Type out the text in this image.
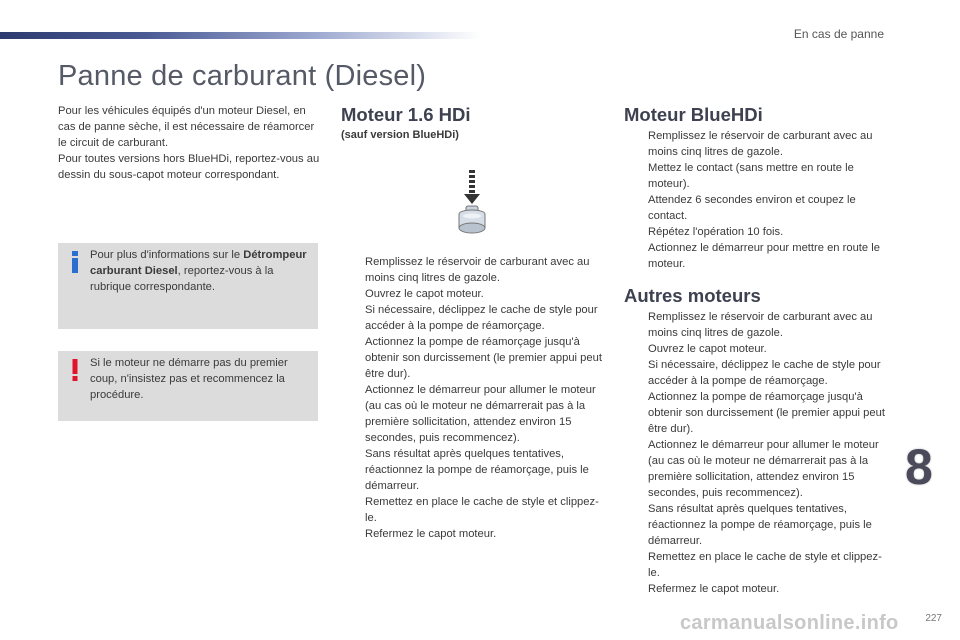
En cas de panne
Panne de carburant (Diesel)

Pour les véhicules équipés d'un moteur Diesel, en cas de panne sèche, il est nécessaire de réamorcer le circuit de carburant.

Pour toutes versions hors BlueHDi, reportez-vous au dessin du sous-capot moteur correspondant.

Pour plus d'informations sur le Détrompeur carburant Diesel, reportez-vous à la rubrique correspondante.
Si le moteur ne démarre pas du premier coup, n'insistez pas et recommencez la procédure.
Moteur 1.6 HDi
(sauf version BlueHDi)
Remplissez le réservoir de carburant avec au moins cinq litres de gazole.
Ouvrez le capot moteur.
Si nécessaire, déclippez le cache de style pour accéder à la pompe de réamorçage.
Actionnez la pompe de réamorçage jusqu'à obtenir son durcissement (le premier appui peut être dur).
Actionnez le démarreur pour allumer le moteur (au cas où le moteur ne démarrerait pas à la première sollicitation, attendez environ 15 secondes, puis recommencez).
Sans résultat après quelques tentatives, réactionnez la pompe de réamorçage, puis le démarreur.
Remettez en place le cache de style et clippez-le.
Refermez le capot moteur.
Moteur BlueHDi
Remplissez le réservoir de carburant avec au moins cinq litres de gazole.
Mettez le contact (sans mettre en route le moteur).
Attendez 6 secondes environ et coupez le contact.
Répétez l'opération 10 fois.
Actionnez le démarreur pour mettre en route le moteur.
Autres moteurs
Remplissez le réservoir de carburant avec au moins cinq litres de gazole.
Ouvrez le capot moteur.
Si nécessaire, déclippez le cache de style pour accéder à la pompe de réamorçage.
Actionnez la pompe de réamorçage jusqu'à obtenir son durcissement (le premier appui peut être dur).
Actionnez le démarreur pour allumer le moteur (au cas où le moteur ne démarrerait pas à la première sollicitation, attendez environ 15 secondes, puis recommencez).
Sans résultat après quelques tentatives, réactionnez la pompe de réamorçage, puis le démarreur.
Remettez en place le cache de style et clippez-le.
Refermez le capot moteur.
8
carmanualsonline.info	227
